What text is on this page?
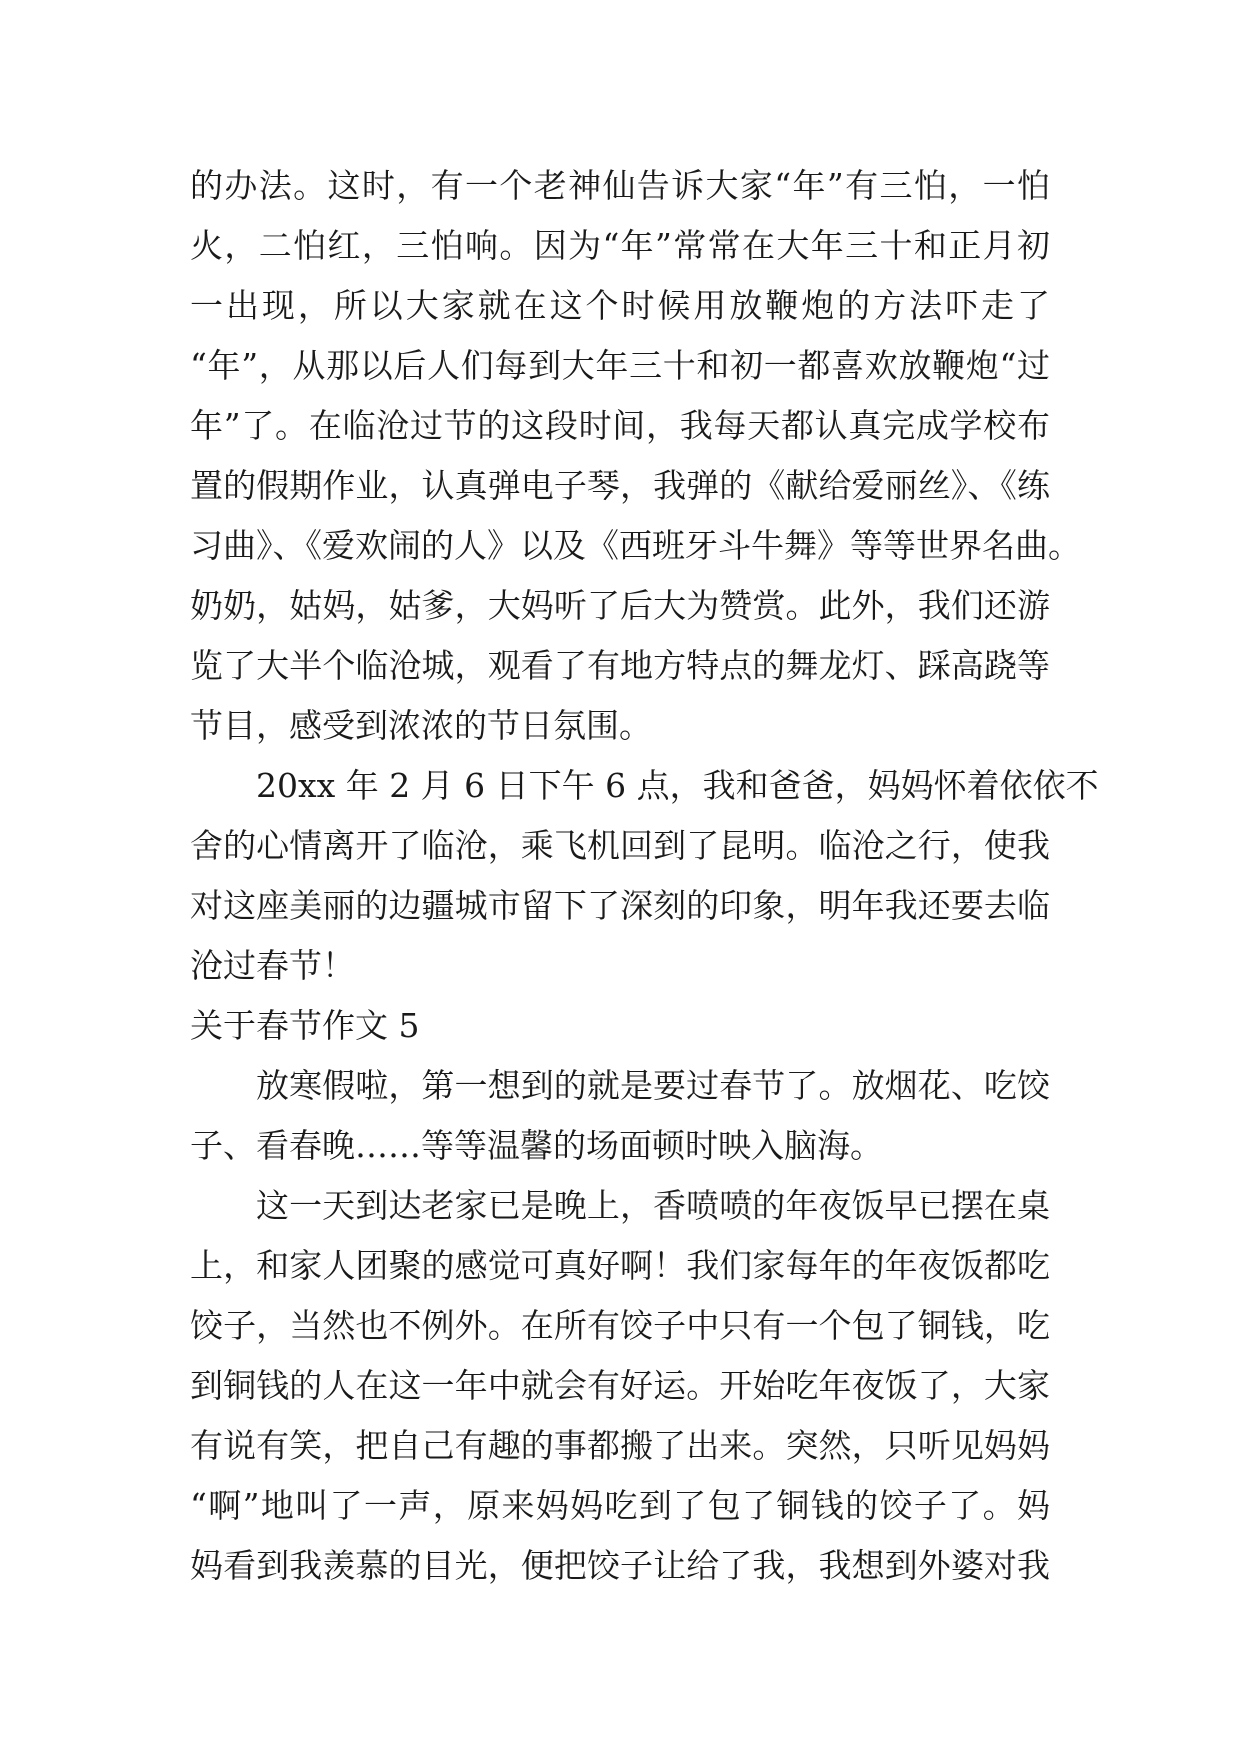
的办法。这时，有一个老神仙告诉大家“年”有三怕，一怕
火，二怕红，三怕响。因为“年”常常在大年三十和正月初
一出现，所以大家就在这个时候用放鞭炮的方法吓走了
“年”，从那以后人们每到大年三十和初一都喜欢放鞭炮“过
年”了。在临沧过节的这段时间，我每天都认真完成学校布
置的假期作业，认真弹电子琴，我弹的《献给爱丽丝》、《练
习曲》、《爱欢闹的人》以及《西班牙斗牛舞》等等世界名曲。
奶奶，姑妈，姑爹，大妈听了后大为赞赏。此外，我们还游
览了大半个临沧城，观看了有地方特点的舞龙灯、踩高跷等
节目，感受到浓浓的节日氛围。
20xx 年 2 月 6 日下午 6 点，我和爸爸，妈妈怀着依依不
舍的心情离开了临沧，乘飞机回到了昆明。临沧之行，使我
对这座美丽的边疆城市留下了深刻的印象，明年我还要去临
沧过春节！
关于春节作文 5
放寒假啦，第一想到的就是要过春节了。放烟花、吃饺
子、看春晚……等等温馨的场面顿时映入脑海。
这一天到达老家已是晚上，香喷喷的年夜饭早已摆在桌
上，和家人团聚的感觉可真好啊！我们家每年的年夜饭都吃
饺子，当然也不例外。在所有饺子中只有一个包了铜钱，吃
到铜钱的人在这一年中就会有好运。开始吃年夜饭了，大家
有说有笑，把自己有趣的事都搬了出来。突然，只听见妈妈
“啊”地叫了一声，原来妈妈吃到了包了铜钱的饺子了。妈
妈看到我羡慕的目光，便把饺子让给了我，我想到外婆对我
